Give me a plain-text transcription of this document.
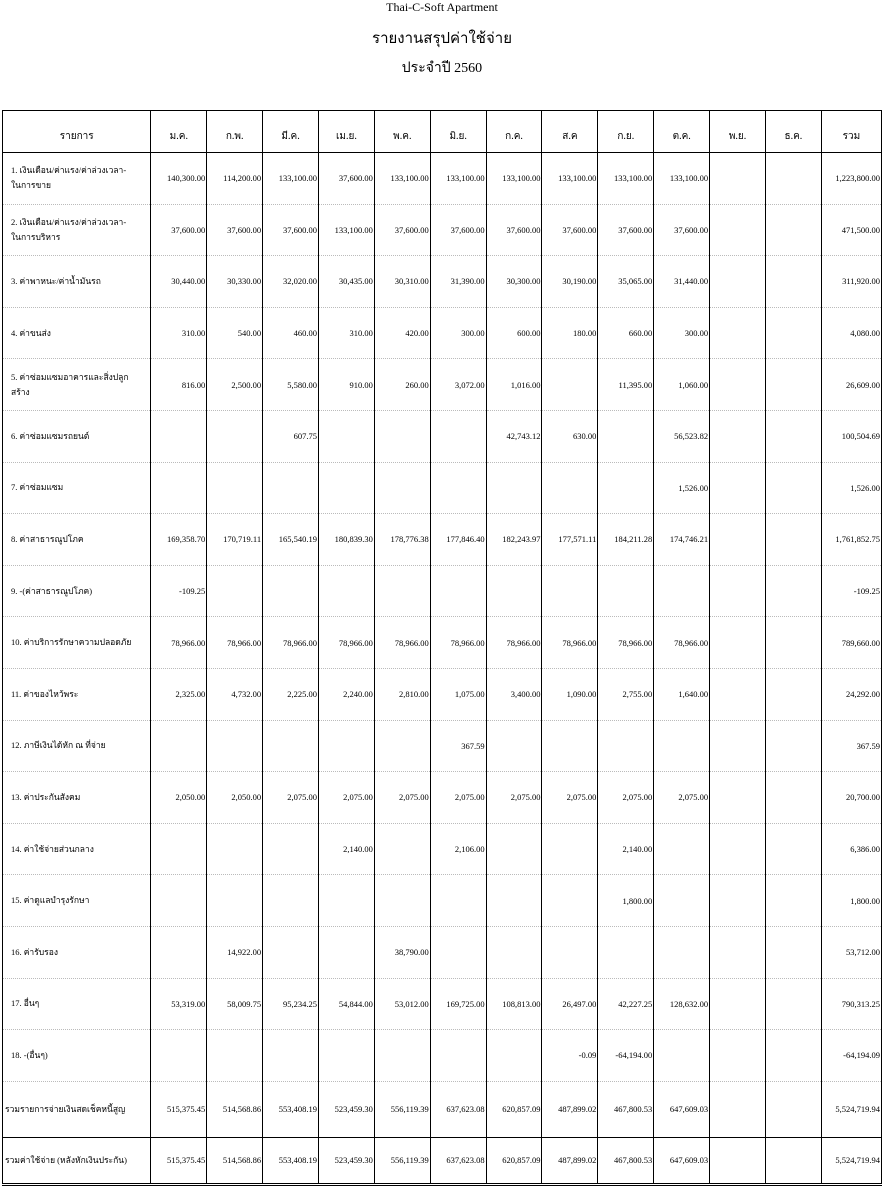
Thai-C-Soft Apartment
รายงานสรุปค่าใช้จ่าย
ประจำปี 2560
รายการ	ม.ค.	ก.พ.	มี.ค.	เม.ย.	พ.ค.	มิ.ย.	ก.ค.	ส.ค	ก.ย.	ต.ค.	พ.ย.	ธ.ค.	รวม
1. เงินเดือน/ค่าแรง/ค่าล่วงเวลา-
ในการขาย	140,300.00	114,200.00	133,100.00	37,600.00	133,100.00	133,100.00	133,100.00	133,100.00	133,100.00	133,100.00			1,223,800.00
2. เงินเดือน/ค่าแรง/ค่าล่วงเวลา-
ในการบริหาร	37,600.00	37,600.00	37,600.00	133,100.00	37,600.00	37,600.00	37,600.00	37,600.00	37,600.00	37,600.00			471,500.00
3. ค่าพาหนะ/ค่าน้ำมันรถ	30,440.00	30,330.00	32,020.00	30,435.00	30,310.00	31,390.00	30,300.00	30,190.00	35,065.00	31,440.00			311,920.00
4. ค่าขนส่ง	310.00	540.00	460.00	310.00	420.00	300.00	600.00	180.00	660.00	300.00			4,080.00
5. ค่าซ่อมแซมอาคารและสิ่งปลูก
สร้าง	816.00	2,500.00	5,580.00	910.00	260.00	3,072.00	1,016.00		11,395.00	1,060.00			26,609.00
6. ค่าซ่อมแซมรถยนต์			607.75				42,743.12	630.00		56,523.82			100,504.69
7. ค่าซ่อมแซม										1,526.00			1,526.00
8. ค่าสาธารณูปโภค	169,358.70	170,719.11	165,540.19	180,839.30	178,776.38	177,846.40	182,243.97	177,571.11	184,211.28	174,746.21			1,761,852.75
9. -(ค่าสาธารณูปโภค)	-109.25												-109.25
10. ค่าบริการรักษาความปลอดภัย	78,966.00	78,966.00	78,966.00	78,966.00	78,966.00	78,966.00	78,966.00	78,966.00	78,966.00	78,966.00			789,660.00
11. ค่าของไหว้พระ	2,325.00	4,732.00	2,225.00	2,240.00	2,810.00	1,075.00	3,400.00	1,090.00	2,755.00	1,640.00			24,292.00
12. ภาษีเงินได้หัก ณ ที่จ่าย						367.59							367.59
13. ค่าประกันสังคม	2,050.00	2,050.00	2,075.00	2,075.00	2,075.00	2,075.00	2,075.00	2,075.00	2,075.00	2,075.00			20,700.00
14. ค่าใช้จ่ายส่วนกลาง				2,140.00		2,106.00			2,140.00				6,386.00
15. ค่าดูแลบำรุงรักษา									1,800.00				1,800.00
16. ค่ารับรอง		14,922.00			38,790.00								53,712.00
17. อื่นๆ	53,319.00	58,009.75	95,234.25	54,844.00	53,012.00	169,725.00	108,813.00	26,497.00	42,227.25	128,632.00			790,313.25
18. -(อื่นๆ)								-0.09	-64,194.00				-64,194.09
รวมรายการจ่ายเงินสดเช็คหนี้สูญ	515,375.45	514,568.86	553,408.19	523,459.30	556,119.39	637,623.08	620,857.09	487,899.02	467,800.53	647,609.03			5,524,719.94
รวมค่าใช้จ่าย (หลังหักเงินประกัน)	515,375.45	514,568.86	553,408.19	523,459.30	556,119.39	637,623.08	620,857.09	487,899.02	467,800.53	647,609.03			5,524,719.94
